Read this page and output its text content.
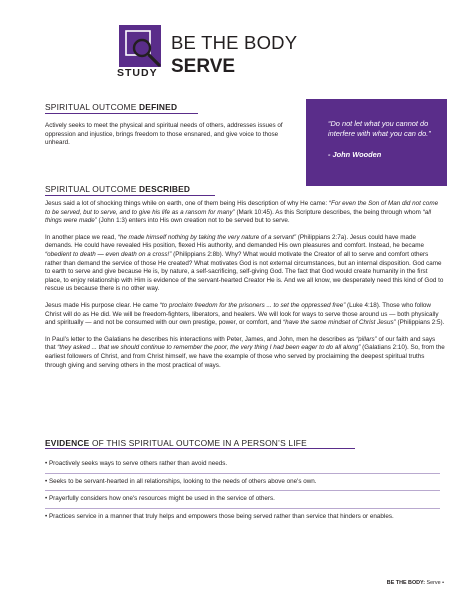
STUDY
BE THE BODY
SERVE
SPIRITUAL OUTCOME DEFINED

Actively seeks to meet the physical and spiritual needs of others, addresses issues of oppression and injustice, brings freedom to those ensnared, and give voice to those unheard.

“Do not let what you cannot do interfere with what you can do.”
- John Wooden
SPIRITUAL OUTCOME DESCRIBED

Jesus said a lot of shocking things while on earth, one of them being His description of why He came: “For even the Son of Man did not come to be served, but to serve, and to give his life as a ransom for many” (Mark 10:45). As this Scripture describes, the being through whom “all things were made” (John 1:3) enters into His own creation not to be served but to serve.

In another place we read, “he made himself nothing by taking the very nature of a servant” (Philippians 2:7a). Jesus could have made demands. He could have revealed His position, flexed His authority, and demanded His own pleasures and comfort. Instead, he became “obedient to death — even death on a cross!” (Philippians 2:8b). Why? What would motivate the Creator of all to serve and comfort others rather than demand the service of those He created? What motivates God is not external circumstances, but an internal disposition. God came to earth to serve and give because He is, by nature, a self-sacrificing, self-giving God. The fact that God would create humanity in the first place, to enjoy relationship with Him is evidence of the servant-hearted Creator He is. And we all know, we desperately need this kind of God to rescue us because there is no other way.

Jesus made His purpose clear. He came “to proclaim freedom for the prisoners ... to set the oppressed free” (Luke 4:18). Those who follow Christ will do as He did. We will be freedom-fighters, liberators, and healers. We will look for ways to serve those around us — both physically and spiritually — and not be consumed with our own prestige, power, or comfort, and “have the same mindset of Christ Jesus” (Philippians 2:5).

In Paul’s letter to the Galatians he describes his interactions with Peter, James, and John, men he describes as “pillars” of our faith and says that “they asked ... that we should continue to remember the poor, the very thing I had been eager to do all along” (Galatians 2:10). So, from the earliest followers of Christ, and from Christ himself, we have the example of those who served by proclaiming the deepest spiritual truths through giving and serving others in the most practical of ways.

EVIDENCE OF THIS SPIRITUAL OUTCOME IN A PERSON’S LIFE

• Proactively seeks ways to serve others rather than avoid needs.

• Seeks to be servant-hearted in all relationships, looking to the needs of others above one's own.

• Prayerfully considers how one's resources might be used in the service of others.

• Practices service in a manner that truly helps and empowers those being served rather than service that hinders or enables.

BE THE BODY: Serve •
